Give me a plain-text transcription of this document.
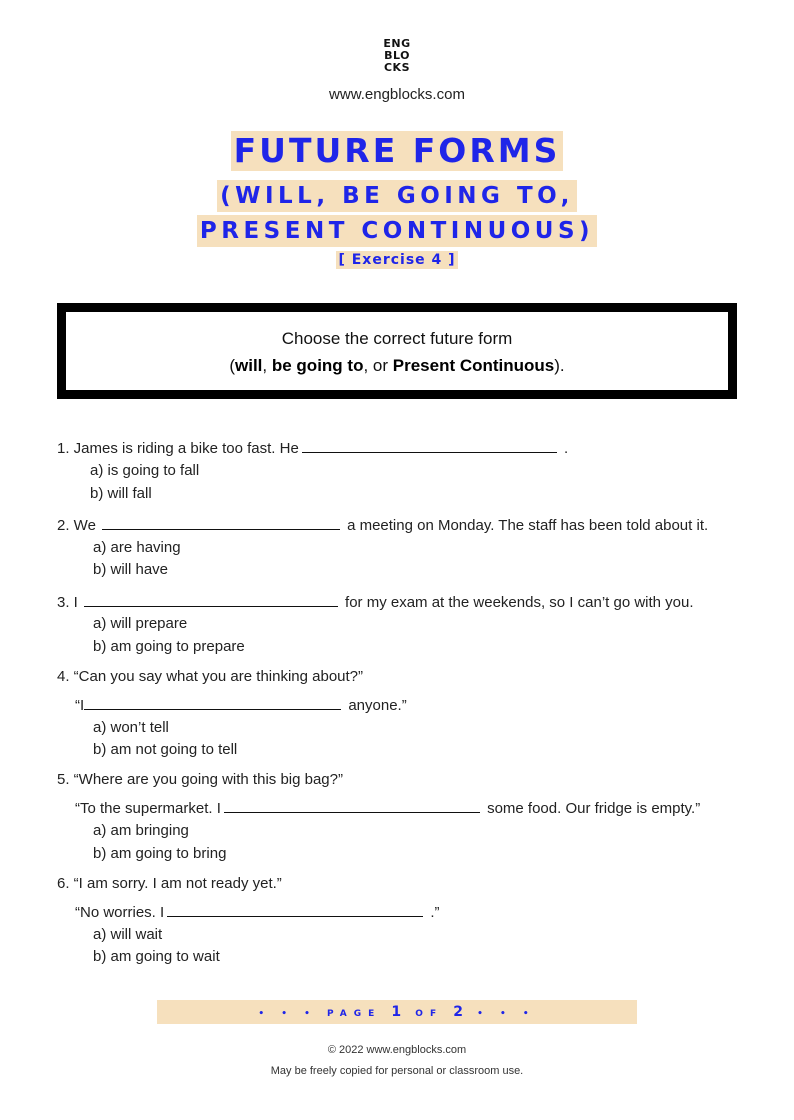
ENG
BLO
CKS
www.engblocks.com
FUTURE FORMS
(WILL, BE GOING TO,
PRESENT CONTINUOUS)
[ Exercise 4 ]
Choose the correct future form
(will, be going to, or Present Continuous).
1. James is riding a bike too fast. He	.
a) is going to fall
b) will fall
2. We	a meeting on Monday. The staff has been told about it.
a) are having
b) will have
3. I	for my exam at the weekends, so I can’t go with you.
a) will prepare
b) am going to prepare
4. “Can you say what you are thinking about?”
“I	anyone.”
a) won’t tell
b) am not going to tell
5. “Where are you going with this big bag?”
“To the supermarket. I	some food. Our fridge is empty.”
a) am bringing
b) am going to bring
6. “I am sorry. I am not ready yet.”
“No worries. I	.”
a) will wait
b) am going to wait
• • • PAGE 1 OF 2 • • •
© 2022 www.engblocks.com
May be freely copied for personal or classroom use.
